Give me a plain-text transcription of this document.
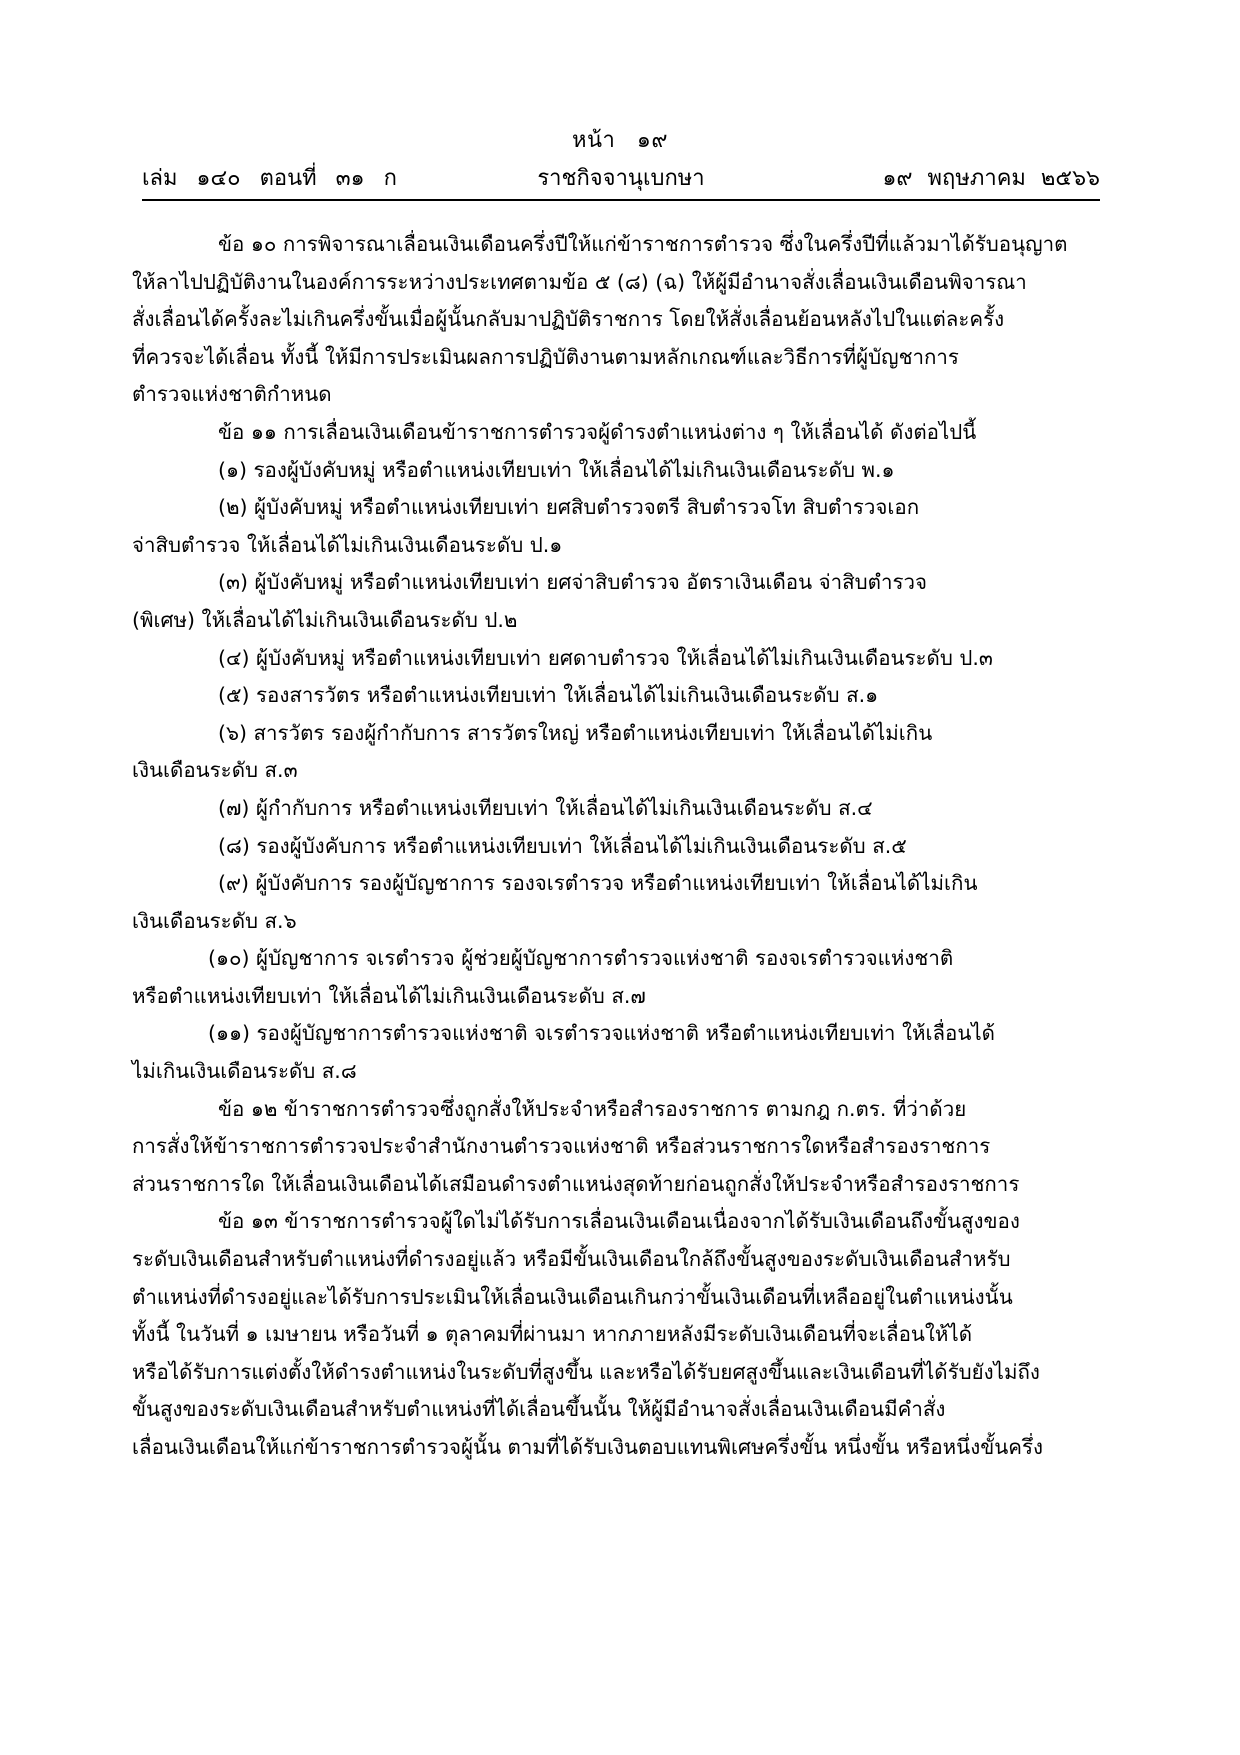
หน้า ๑๙
เล่ม ๑๔๐ ตอนที่ ๓๑ ก	ราชกิจจานุเบกษา	๑๙ พฤษภาคม ๒๕๖๖

ข้อ ๑๐ การพิจารณาเลื่อนเงินเดือนครึ่งปีให้แก่ข้าราชการตำรวจ ซึ่งในครึ่งปีที่แล้วมาได้รับอนุญาต
ให้ลาไปปฏิบัติงานในองค์การระหว่างประเทศตามข้อ ๕ (๘) (ฉ) ให้ผู้มีอำนาจสั่งเลื่อนเงินเดือนพิจารณา
สั่งเลื่อนได้ครั้งละไม่เกินครึ่งขั้นเมื่อผู้นั้นกลับมาปฏิบัติราชการ โดยให้สั่งเลื่อนย้อนหลังไปในแต่ละครั้ง
ที่ควรจะได้เลื่อน ทั้งนี้ ให้มีการประเมินผลการปฏิบัติงานตามหลักเกณฑ์และวิธีการที่ผู้บัญชาการ
ตำรวจแห่งชาติกำหนด

ข้อ ๑๑ การเลื่อนเงินเดือนข้าราชการตำรวจผู้ดำรงตำแหน่งต่าง ๆ ให้เลื่อนได้ ดังต่อไปนี้

(๑) รองผู้บังคับหมู่ หรือตำแหน่งเทียบเท่า ให้เลื่อนได้ไม่เกินเงินเดือนระดับ พ.๑

(๒) ผู้บังคับหมู่ หรือตำแหน่งเทียบเท่า ยศสิบตำรวจตรี สิบตำรวจโท สิบตำรวจเอก
จ่าสิบตำรวจ ให้เลื่อนได้ไม่เกินเงินเดือนระดับ ป.๑

(๓) ผู้บังคับหมู่ หรือตำแหน่งเทียบเท่า ยศจ่าสิบตำรวจ อัตราเงินเดือน จ่าสิบตำรวจ
(พิเศษ) ให้เลื่อนได้ไม่เกินเงินเดือนระดับ ป.๒

(๔) ผู้บังคับหมู่ หรือตำแหน่งเทียบเท่า ยศดาบตำรวจ ให้เลื่อนได้ไม่เกินเงินเดือนระดับ ป.๓

(๕) รองสารวัตร หรือตำแหน่งเทียบเท่า ให้เลื่อนได้ไม่เกินเงินเดือนระดับ ส.๑

(๖) สารวัตร รองผู้กำกับการ สารวัตรใหญ่ หรือตำแหน่งเทียบเท่า ให้เลื่อนได้ไม่เกิน
เงินเดือนระดับ ส.๓

(๗) ผู้กำกับการ หรือตำแหน่งเทียบเท่า ให้เลื่อนได้ไม่เกินเงินเดือนระดับ ส.๔

(๘) รองผู้บังคับการ หรือตำแหน่งเทียบเท่า ให้เลื่อนได้ไม่เกินเงินเดือนระดับ ส.๕

(๙) ผู้บังคับการ รองผู้บัญชาการ รองจเรตำรวจ หรือตำแหน่งเทียบเท่า ให้เลื่อนได้ไม่เกิน
เงินเดือนระดับ ส.๖

(๑๐) ผู้บัญชาการ จเรตำรวจ ผู้ช่วยผู้บัญชาการตำรวจแห่งชาติ รองจเรตำรวจแห่งชาติ
หรือตำแหน่งเทียบเท่า ให้เลื่อนได้ไม่เกินเงินเดือนระดับ ส.๗

(๑๑) รองผู้บัญชาการตำรวจแห่งชาติ จเรตำรวจแห่งชาติ หรือตำแหน่งเทียบเท่า ให้เลื่อนได้
ไม่เกินเงินเดือนระดับ ส.๘

ข้อ ๑๒ ข้าราชการตำรวจซึ่งถูกสั่งให้ประจำหรือสำรองราชการ ตามกฎ ก.ตร. ที่ว่าด้วย
การสั่งให้ข้าราชการตำรวจประจำสำนักงานตำรวจแห่งชาติ หรือส่วนราชการใดหรือสำรองราชการ
ส่วนราชการใด ให้เลื่อนเงินเดือนได้เสมือนดำรงตำแหน่งสุดท้ายก่อนถูกสั่งให้ประจำหรือสำรองราชการ

ข้อ ๑๓ ข้าราชการตำรวจผู้ใดไม่ได้รับการเลื่อนเงินเดือนเนื่องจากได้รับเงินเดือนถึงขั้นสูงของ
ระดับเงินเดือนสำหรับตำแหน่งที่ดำรงอยู่แล้ว หรือมีขั้นเงินเดือนใกล้ถึงขั้นสูงของระดับเงินเดือนสำหรับ
ตำแหน่งที่ดำรงอยู่และได้รับการประเมินให้เลื่อนเงินเดือนเกินกว่าขั้นเงินเดือนที่เหลืออยู่ในตำแหน่งนั้น
ทั้งนี้ ในวันที่ ๑ เมษายน หรือวันที่ ๑ ตุลาคมที่ผ่านมา หากภายหลังมีระดับเงินเดือนที่จะเลื่อนให้ได้
หรือได้รับการแต่งตั้งให้ดำรงตำแหน่งในระดับที่สูงขึ้น และหรือได้รับยศสูงขึ้นและเงินเดือนที่ได้รับยังไม่ถึง
ขั้นสูงของระดับเงินเดือนสำหรับตำแหน่งที่ได้เลื่อนขึ้นนั้น ให้ผู้มีอำนาจสั่งเลื่อนเงินเดือนมีคำสั่ง
เลื่อนเงินเดือนให้แก่ข้าราชการตำรวจผู้นั้น ตามที่ได้รับเงินตอบแทนพิเศษครึ่งขั้น หนึ่งขั้น หรือหนึ่งขั้นครึ่ง
